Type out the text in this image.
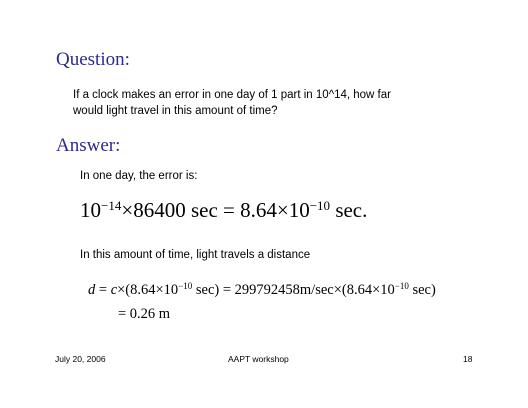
Question:
If a clock makes an error in one day of 1 part in 10^14, how far
would light travel in this amount of time?
Answer:
In one day, the error is:
$10^{-14}\times 86400$ $\sec = 8.64\times 10^{-10}$ sec.
In this amount of time, light travels a distance
$d = c\times(8.64\times 10^{-10}$ $\sec) = 299792458m/\sec\times(8.64\times 10^{-10}$ sec)
= 0.26 m
July 20, 2006	AAPT workshop	18
